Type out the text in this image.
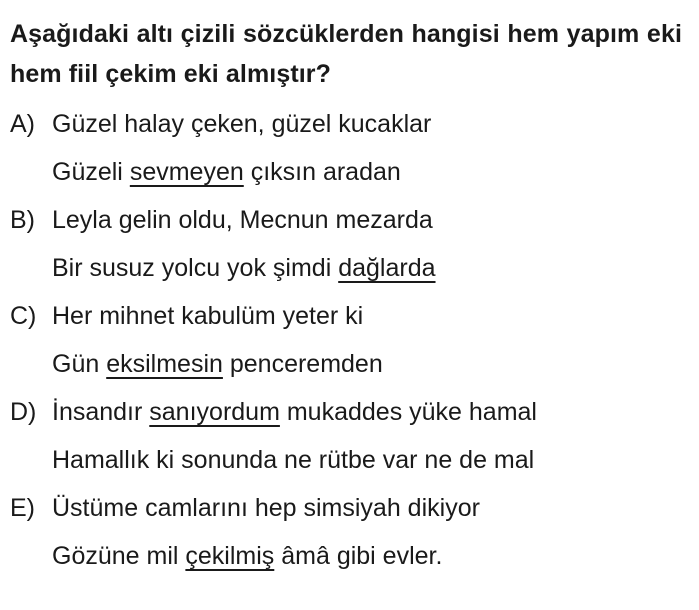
Aşağıdaki altı çizili sözcüklerden hangisi hem yapım eki hem fiil çekim eki almıştır?
A) Güzel halay çeken, güzel kucaklar
Güzeli sevmeyen çıksın aradan
B) Leyla gelin oldu, Mecnun mezarda
Bir susuz yolcu yok şimdi dağlarda
C) Her mihnet kabulüm yeter ki
Gün eksilmesin penceremden
D) İnsandır sanıyordum mukaddes yüke hamal
Hamallık ki sonunda ne rütbe var ne de mal
E) Üstüme camlarını hep simsiyah dikiyor
Gözüne mil çekilmiş âmâ gibi evler.
